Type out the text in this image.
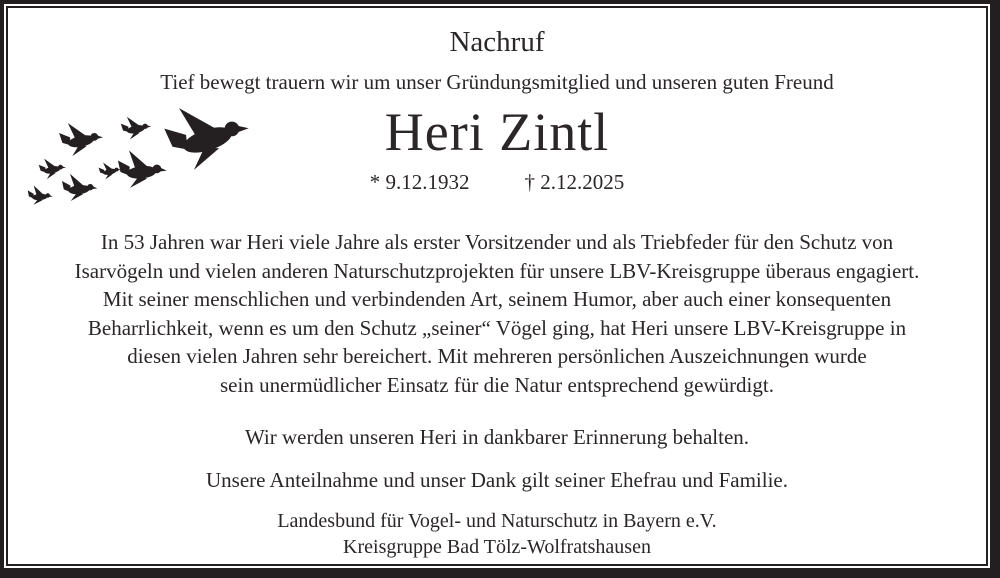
Nachruf
Tief bewegt trauern wir um unser Gründungsmitglied und unseren guten Freund
Heri Zintl
* 9.12.1932	† 2.12.2025
In 53 Jahren war Heri viele Jahre als erster Vorsitzender und als Triebfeder für den Schutz von
Isarvögeln und vielen anderen Naturschutzprojekten für unsere LBV-Kreisgruppe überaus engagiert.
Mit seiner menschlichen und verbindenden Art, seinem Humor, aber auch einer konsequenten
Beharrlichkeit, wenn es um den Schutz „seiner“ Vögel ging, hat Heri unsere LBV-Kreisgruppe in
diesen vielen Jahren sehr bereichert. Mit mehreren persönlichen Auszeichnungen wurde
sein unermüdlicher Einsatz für die Natur entsprechend gewürdigt.
Wir werden unseren Heri in dankbarer Erinnerung behalten.
Unsere Anteilnahme und unser Dank gilt seiner Ehefrau und Familie.
Landesbund für Vogel- und Naturschutz in Bayern e.V.
Kreisgruppe Bad Tölz-Wolfratshausen
